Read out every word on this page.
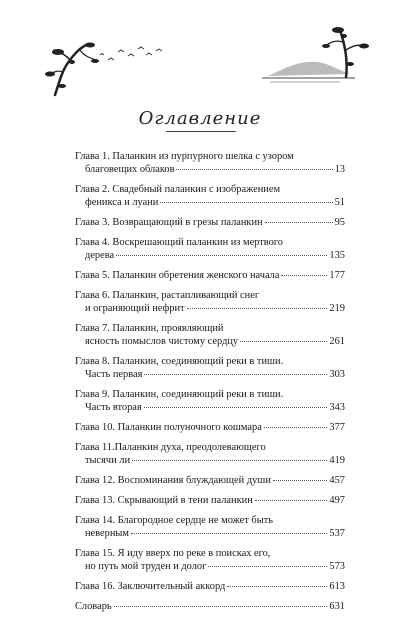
Оглавление
Глава 1. Паланкин из пурпурного шелка с узором
благовещих облаков	13
Глава 2. Свадебный паланкин с изображением
феникса и луани	51
Глава 3. Возвращающий в грезы паланкин	95
Глава 4. Воскрешающий паланкин из мертвого
дерева	135
Глава 5. Паланкин обретения женского начала	177
Глава 6. Паланкин, растапливающий снег
и ограняющий нефрит	219
Глава 7. Паланкин, проявляющий
ясность помыслов чистому сердцу	261
Глава 8. Паланкин, соединяющий реки в тиши.
Часть первая	303
Глава 9. Паланкин, соединяющий реки в тиши.
Часть вторая	343
Глава 10. Паланкин полуночного кошмара	377
Глава 11.Паланкин духа, преодолевающего
тысячи ли	419
Глава 12. Воспоминания блуждающей души	457
Глава 13. Скрывающий в тени паланкин	497
Глава 14. Благородное сердце не может быть
неверным	537
Глава 15. Я иду вверх по реке в поисках его,
но путь мой труден и долог	573
Глава 16. Заключительный аккорд	613
Словарь	631
